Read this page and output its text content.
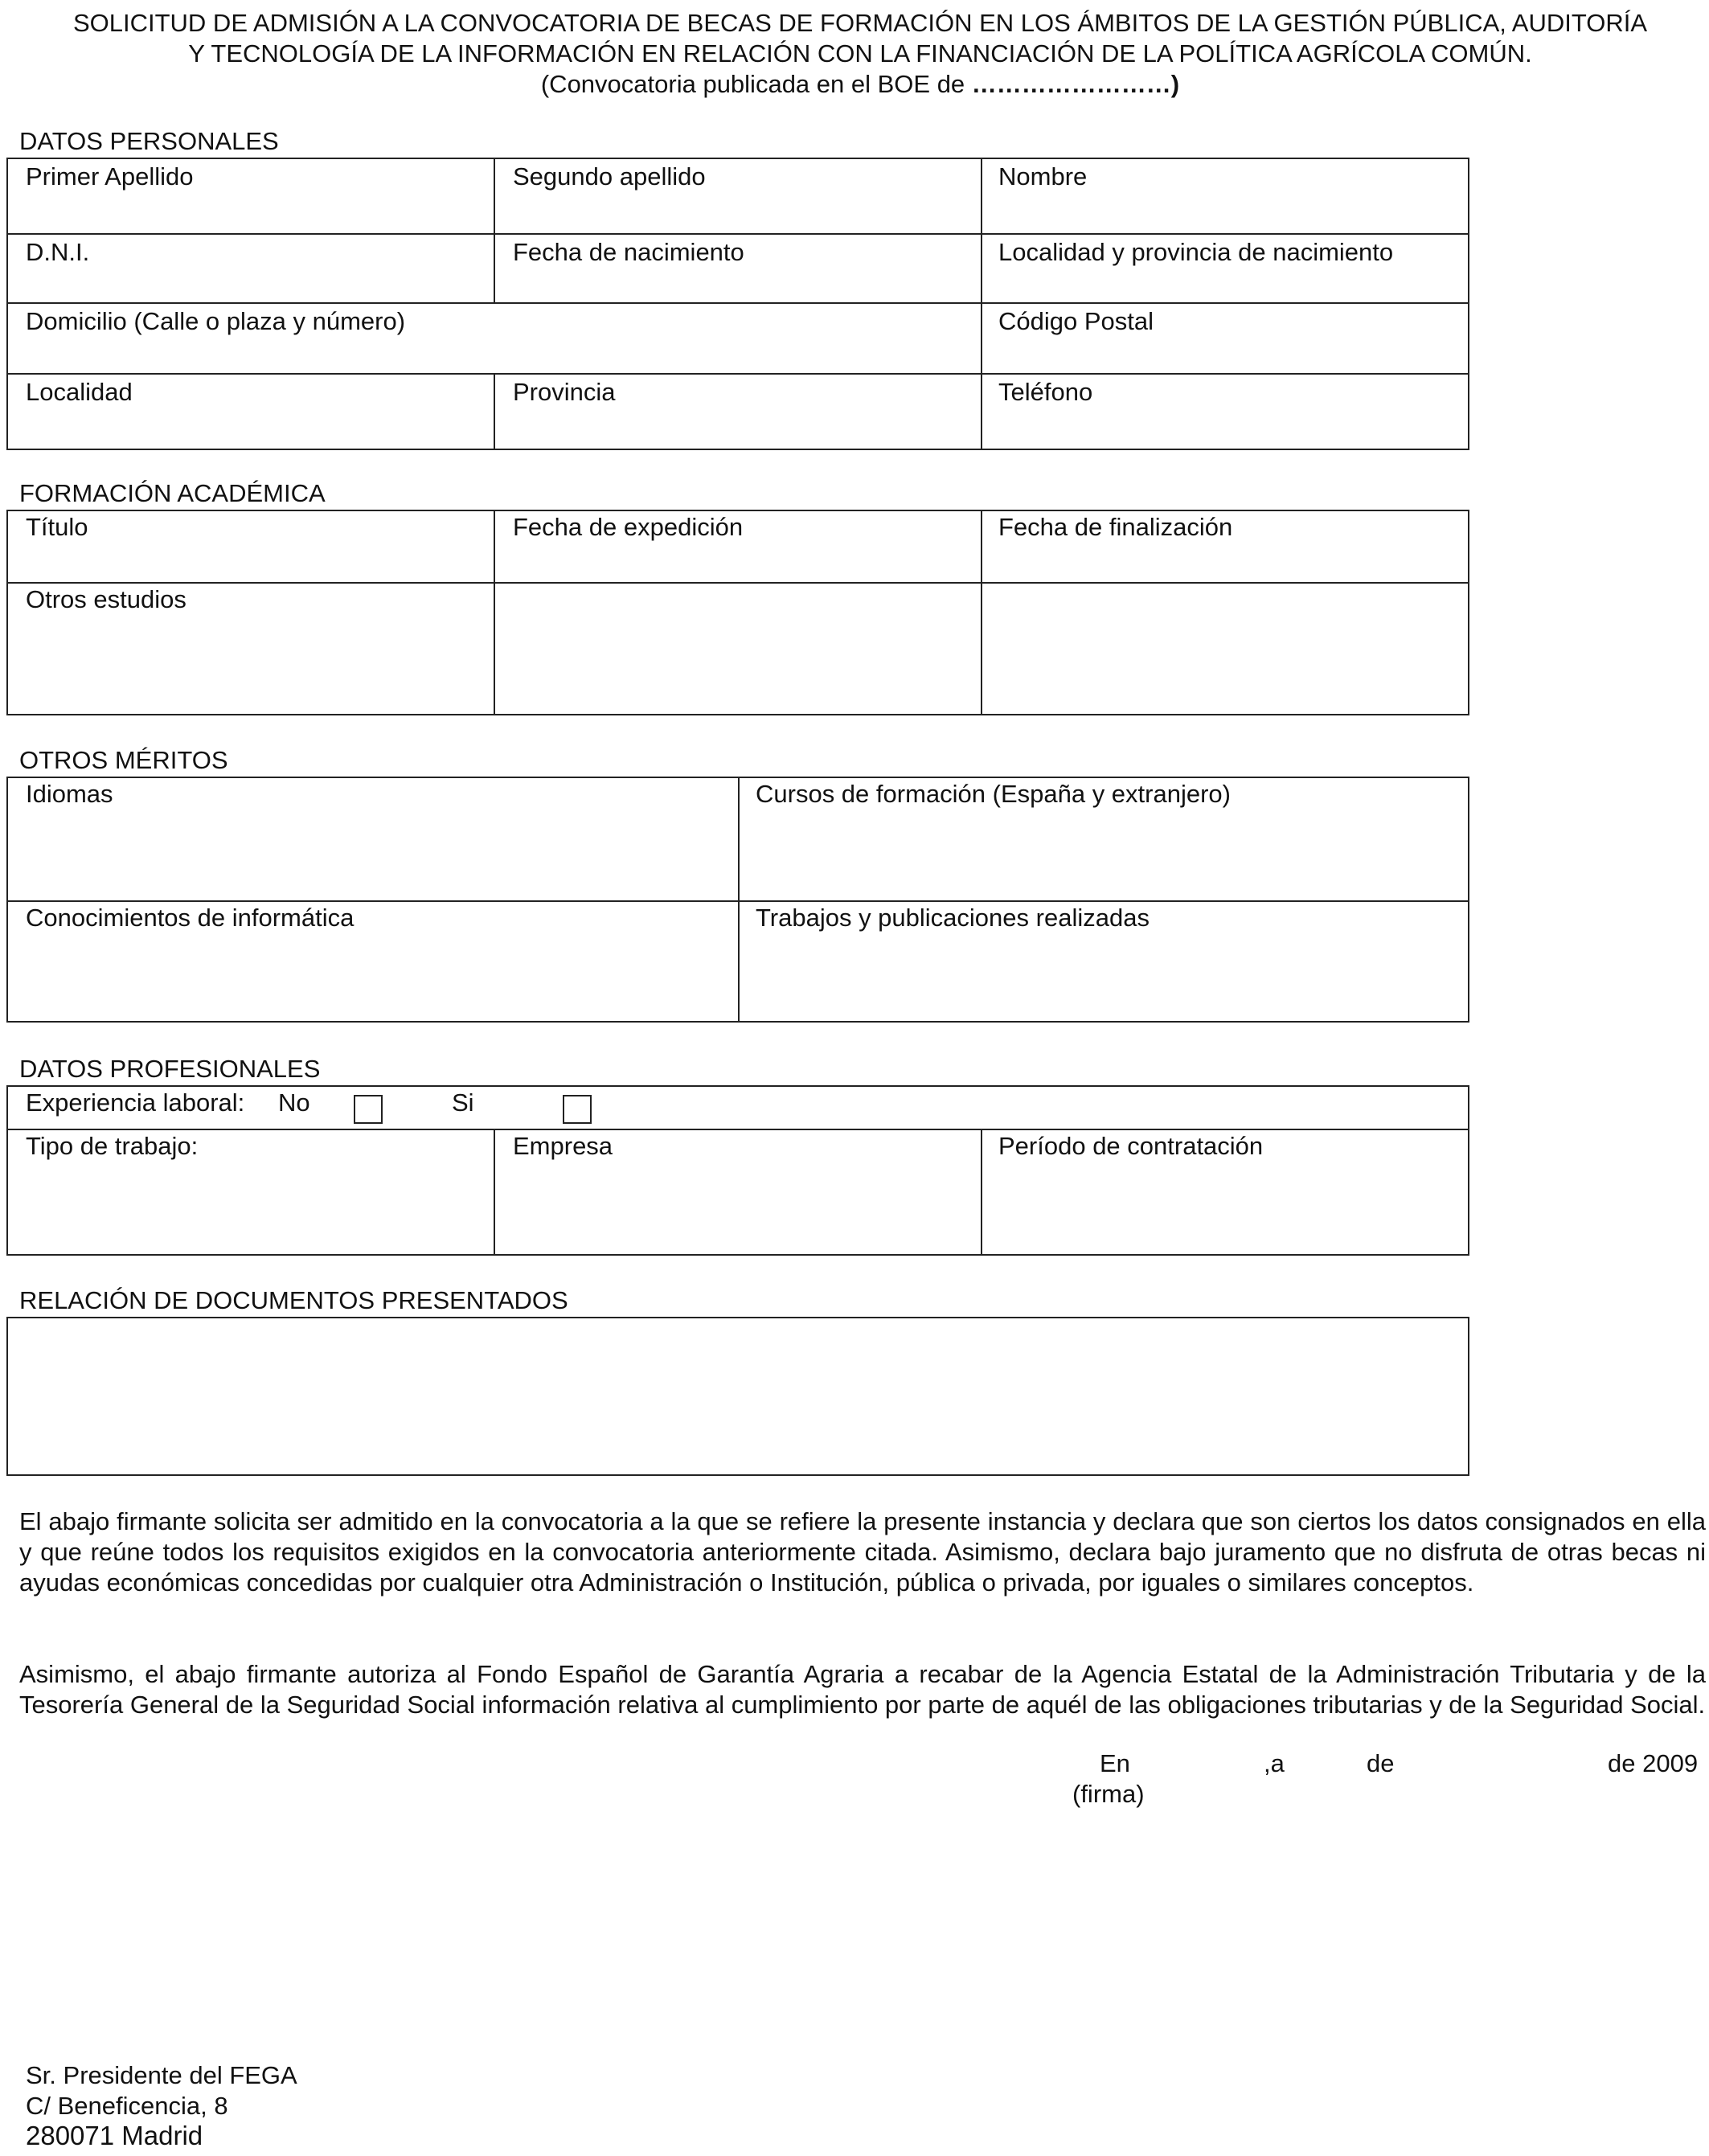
SOLICITUD DE ADMISIÓN A LA CONVOCATORIA DE BECAS DE FORMACIÓN EN LOS ÁMBITOS DE LA GESTIÓN PÚBLICA, AUDITORÍA
Y TECNOLOGÍA DE LA INFORMACIÓN EN RELACIÓN CON LA FINANCIACIÓN DE LA POLÍTICA AGRÍCOLA COMÚN.
(Convocatoria publicada en el BOE de ……………………)
DATOS PERSONALES
Primer Apellido	Segundo apellido	Nombre
D.N.I.	Fecha de nacimiento	Localidad y provincia de nacimiento
Domicilio (Calle o plaza y número)	Código Postal
Localidad	Provincia	Teléfono
FORMACIÓN ACADÉMICA
Título	Fecha de expedición	Fecha de finalización
Otros estudios
OTROS MÉRITOS
Idiomas	Cursos de formación (España y extranjero)
Conocimientos de informática	Trabajos y publicaciones realizadas
DATOS PROFESIONALES
Experiencia laboral: No	Si
Tipo de trabajo:	Empresa	Período de contratación
RELACIÓN DE DOCUMENTOS PRESENTADOS
El abajo firmante solicita ser admitido en la convocatoria a la que se refiere la presente instancia y declara que son ciertos los datos consignados en ella y que reúne todos los requisitos exigidos en la convocatoria anteriormente citada. Asimismo, declara bajo juramento que no disfruta de otras becas ni ayudas económicas concedidas por cualquier otra Administración o Institución, pública o privada, por iguales o similares conceptos.
Asimismo, el abajo firmante autoriza al Fondo Español de Garantía Agraria a recabar de la Agencia Estatal de la Administración Tributaria y de la Tesorería General de la Seguridad Social información relativa al cumplimiento por parte de aquél de las obligaciones tributarias y de la Seguridad Social.
En	,a	de	de 2009
(firma)
Sr. Presidente del FEGA
C/ Beneficencia, 8
280071 Madrid
